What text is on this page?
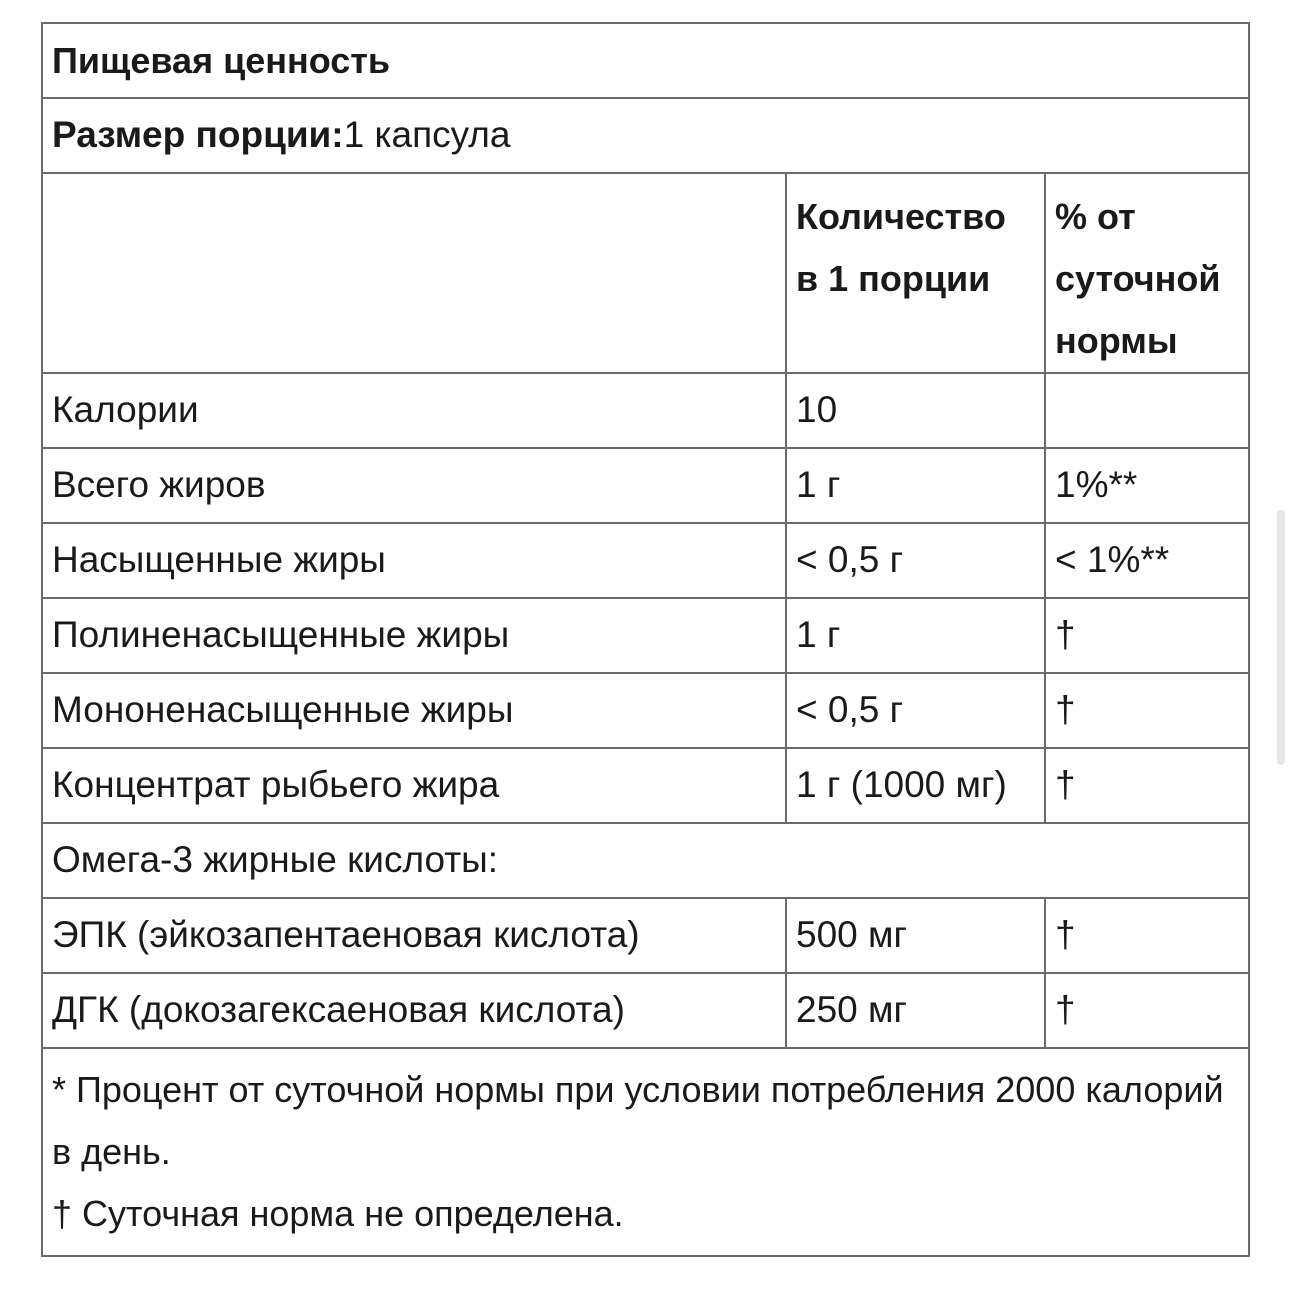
Пищевая ценность		
Размер порции:1 капсула		

	Количество в 1 порции	% от суточной нормы

Калории	10	
Всего жиров	1 г	1%**
Насыщенные жиры	< 0,5 г	< 1%**
Полиненасыщенные жиры	1 г	†
Мононенасыщенные жиры	< 0,5 г	†
Концентрат рыбьего жира	1 г (1000 мг)	†
Омега-3 жирные кислоты:		
ЭПК (эйкозапентаеновая кислота)	500 мг	†
ДГК (докозагексаеновая кислота)	250 мг	†

* Процент от суточной нормы при условии потребления 2000 калорий в день.
† Суточная норма не определена.		
